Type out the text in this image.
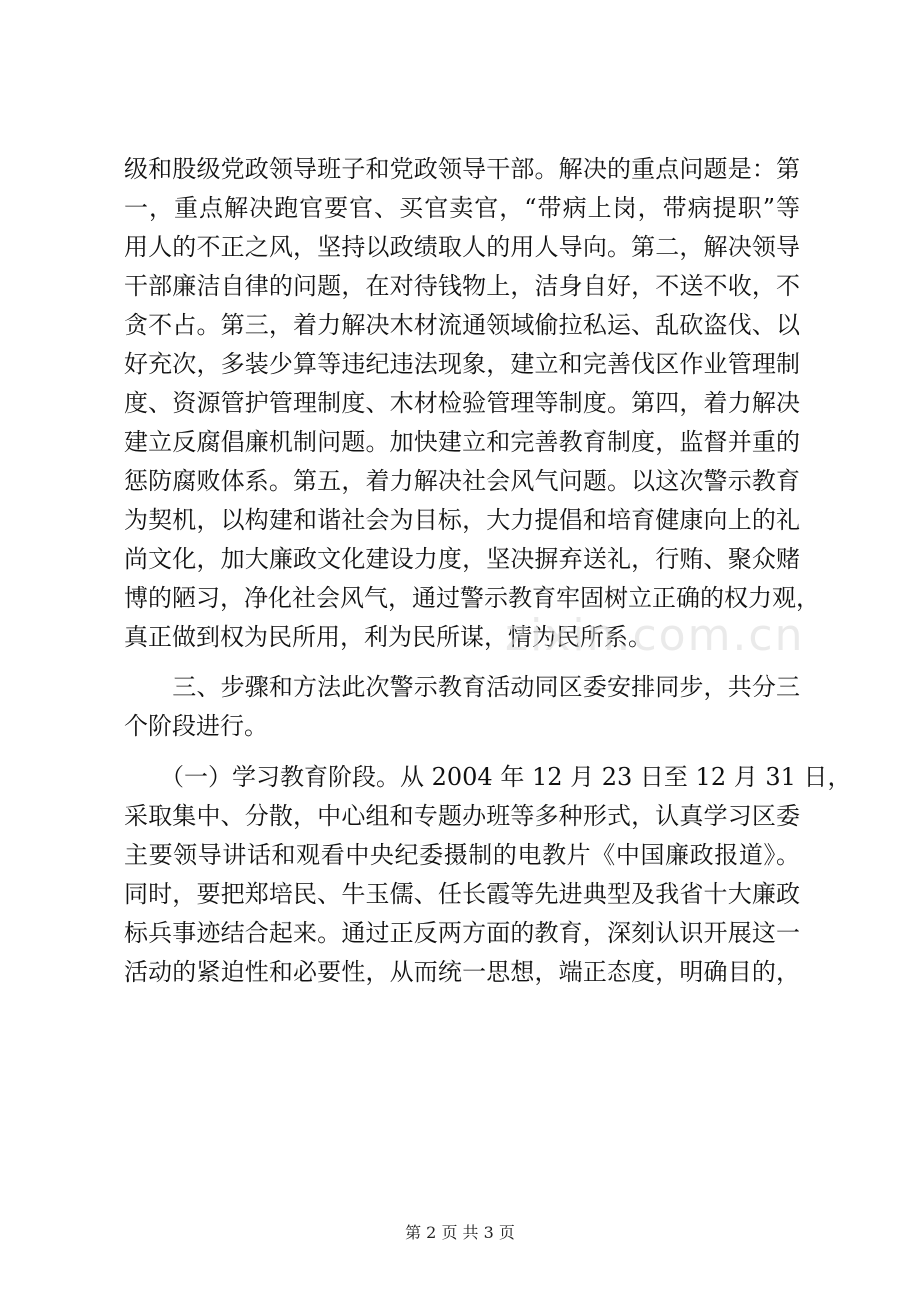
级和股级党政领导班子和党政领导干部。解决的重点问题是：第
一，重点解决跑官要官、买官卖官，“带病上岗，带病提职”等
用人的不正之风，坚持以政绩取人的用人导向。第二，解决领导
干部廉洁自律的问题，在对待钱物上，洁身自好，不送不收，不
贪不占。第三，着力解决木材流通领域偷拉私运、乱砍盗伐、以
好充次，多装少算等违纪违法现象，建立和完善伐区作业管理制
度、资源管护管理制度、木材检验管理等制度。第四，着力解决
建立反腐倡廉机制问题。加快建立和完善教育制度，监督并重的
惩防腐败体系。第五，着力解决社会风气问题。以这次警示教育
为契机，以构建和谐社会为目标，大力提倡和培育健康向上的礼
尚文化，加大廉政文化建设力度，坚决摒弃送礼，行贿、聚众赌
博的陋习，净化社会风气，通过警示教育牢固树立正确的权力观，
真正做到权为民所用，利为民所谋，情为民所系。
　　三、步骤和方法此次警示教育活动同区委安排同步，共分三
个阶段进行。
　　（一）学习教育阶段。从 2004 年 12 月 23 日至 12 月 31 日，
采取集中、分散，中心组和专题办班等多种形式，认真学习区委
主要领导讲话和观看中央纪委摄制的电教片《中国廉政报道》。
同时，要把郑培民、牛玉儒、任长霞等先进典型及我省十大廉政
标兵事迹结合起来。通过正反两方面的教育，深刻认识开展这一
活动的紧迫性和必要性，从而统一思想，端正态度，明确目的，
zixin.com.cn
第 2 页 共 3 页
